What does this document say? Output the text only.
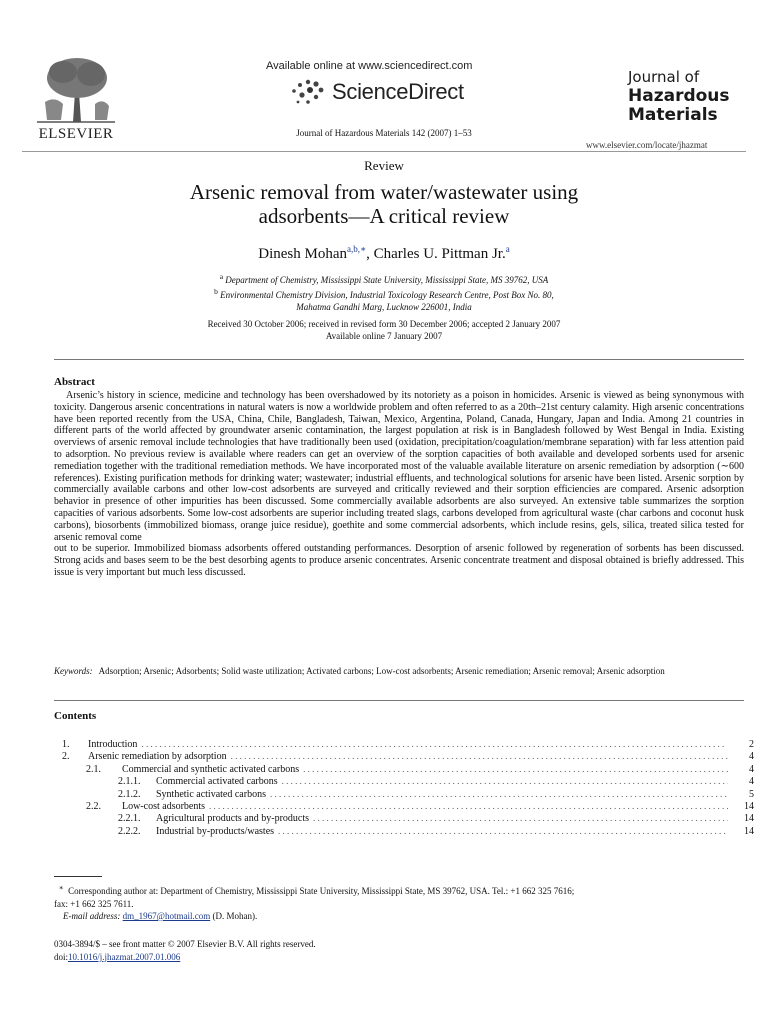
ELSEVIER
Available online at www.sciencedirect.com
ScienceDirect
Journal of Hazardous Materials 142 (2007) 1–53
Journal of
Hazardous
Materials
www.elsevier.com/locate/jhazmat
Review
Arsenic removal from water/wastewater using
adsorbents—A critical review
Dinesh Mohan$^{a,b,∗}$, Charles U. Pittman Jr.$^a$
$^a$ Department of Chemistry, Mississippi State University, Mississippi State, MS 39762, USA
$^b$ Environmental Chemistry Division, Industrial Toxicology Research Centre, Post Box No. 80,
Mahatma Gandhi Marg, Lucknow 226001, India
Received 30 October 2006; received in revised form 30 December 2006; accepted 2 January 2007
Available online 7 January 2007
Abstract

Arsenic’s history in science, medicine and technology has been overshadowed by its notoriety as a poison in homicides. Arsenic is viewed as being synonymous with toxicity. Dangerous arsenic concentrations in natural waters is now a worldwide problem and often referred to as a 20th–21st century calamity. High arsenic concentrations have been reported recently from the USA, China, Chile, Bangladesh, Taiwan, Mexico, Argentina, Poland, Canada, Hungary, Japan and India. Among 21 countries in different parts of the world affected by groundwater arsenic contamination, the largest population at risk is in Bangladesh followed by West Bengal in India. Existing overviews of arsenic removal include technologies that have traditionally been used (oxidation, precipitation/coagulation/membrane separation) with far less attention paid to adsorption. No previous review is available where readers can get an overview of the sorption capacities of both available and developed sorbents used for arsenic remediation together with the traditional remediation methods. We have incorporated most of the valuable available literature on arsenic remediation by adsorption (∼600 references). Existing purification methods for drinking water; wastewater; industrial effluents, and technological solutions for arsenic have been listed. Arsenic sorption by commercially available carbons and other low-cost adsorbents are surveyed and critically reviewed and their sorption efficiencies are compared. Arsenic adsorption behavior in presence of other impurities has been discussed. Some commercially available adsorbents are also surveyed. An extensive table summarizes the sorption capacities of various adsorbents. Some low-cost adsorbents are superior including treated slags, carbons developed from agricultural waste (char carbons and coconut husk carbons), biosorbents (immobilized biomass, orange juice residue), goethite and some commercial adsorbents, which include resins, gels, silica, treated silica tested for arsenic removal come

out to be superior. Immobilized biomass adsorbents offered outstanding performances. Desorption of arsenic followed by regeneration of sorbents has been discussed. Strong acids and bases seem to be the best desorbing agents to produce arsenic concentrates. Arsenic concentrate treatment and disposal obtained is briefly addressed. This issue is very important but much less discussed.

Keywords: Adsorption; Arsenic; Adsorbents; Solid waste utilization; Activated carbons; Low-cost adsorbents; Arsenic remediation; Arsenic removal; Arsenic adsorption
Contents
1.	Introduction . . .	2
2.	Arsenic remediation by adsorption . . .	4
2.1.	Commercial and synthetic activated carbons . . .	4
2.1.1.	Commercial activated carbons . . .	4
2.1.2.	Synthetic activated carbons . . .	5
2.2.	Low-cost adsorbents . . .	14
2.2.1.	Agricultural products and by-products . . .	14
2.2.2.	Industrial by-products/wastes . . .	14
∗ Corresponding author at: Department of Chemistry, Mississippi State University, Mississippi State, MS 39762, USA. Tel.: +1 662 325 7616;
fax: +1 662 325 7611.
E-mail address: dm_1967@hotmail.com (D. Mohan).
0304-3894/$ – see front matter © 2007 Elsevier B.V. All rights reserved.
doi:10.1016/j.jhazmat.2007.01.006
